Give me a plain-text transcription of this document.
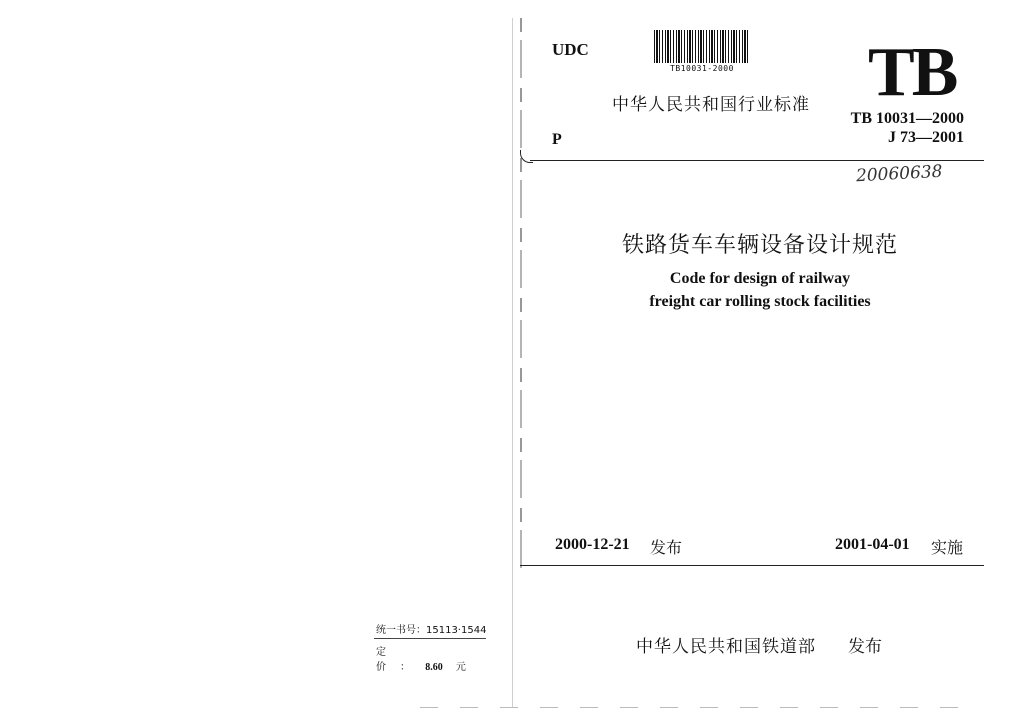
UDC
TB10031-2000 TB
中华人民共和国行业标准
TB 10031—2000
J 73—2001
P
20060638
铁路货车车辆设备设计规范
Code for design of railway
freight car rolling stock facilities
2000-12-21 发布	2001-04-01 实施
中华人民共和国铁道部 发布
统一书号：15113·1544
定价： 8.60 元
